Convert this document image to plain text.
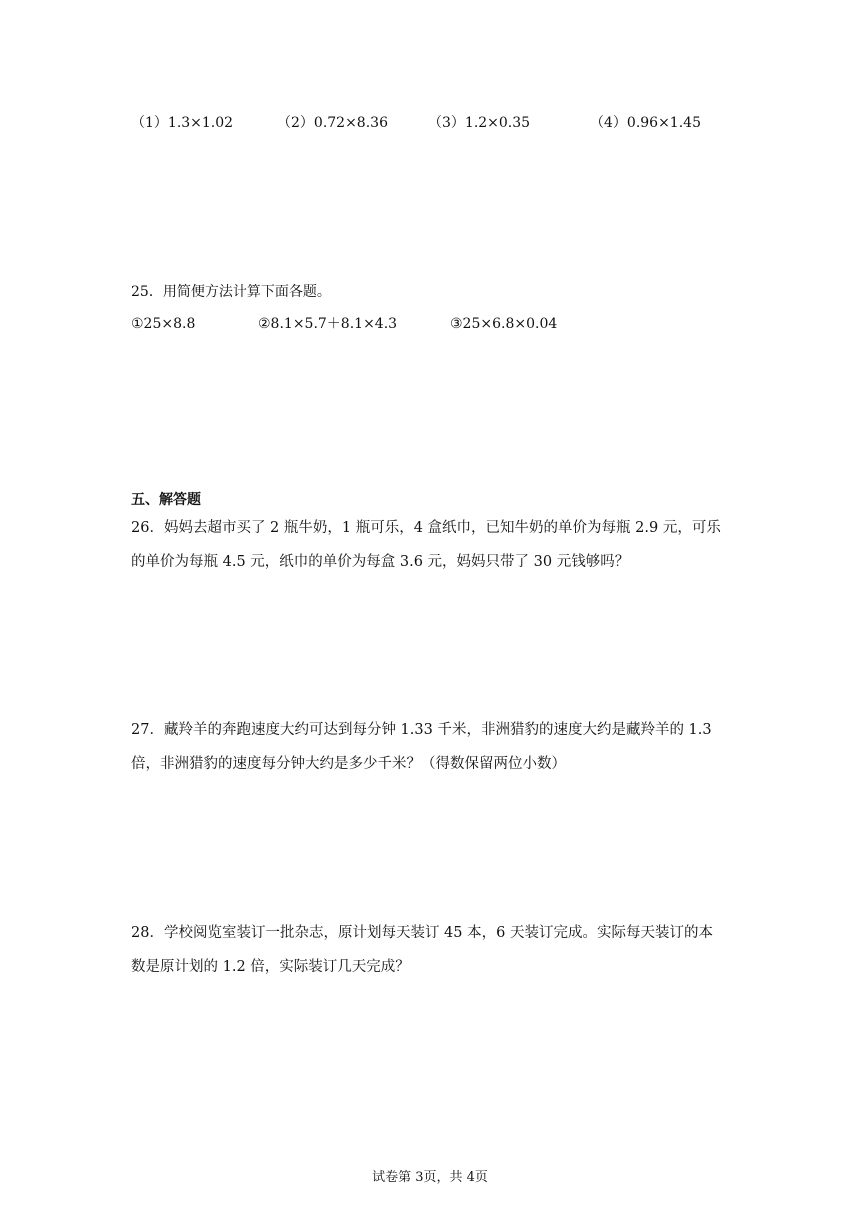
（1）1.3×1.02	（2）0.72×8.36	（3）1.2×0.35	（4）0.96×1.45
25．用简便方法计算下面各题。
①25×8.8	②8.1×5.7＋8.1×4.3	③25×6.8×0.04
五、解答题
26．妈妈去超市买了 2 瓶牛奶，1 瓶可乐，4 盒纸巾，已知牛奶的单价为每瓶 2.9 元，可乐
的单价为每瓶 4.5 元，纸巾的单价为每盒 3.6 元，妈妈只带了 30 元钱够吗？
27．藏羚羊的奔跑速度大约可达到每分钟 1.33 千米，非洲猎豹的速度大约是藏羚羊的 1.3
倍，非洲猎豹的速度每分钟大约是多少千米？（得数保留两位小数）
28．学校阅览室装订一批杂志，原计划每天装订 45 本，6 天装订完成。实际每天装订的本
数是原计划的 1.2 倍，实际装订几天完成？
试卷第 3页，共 4页
